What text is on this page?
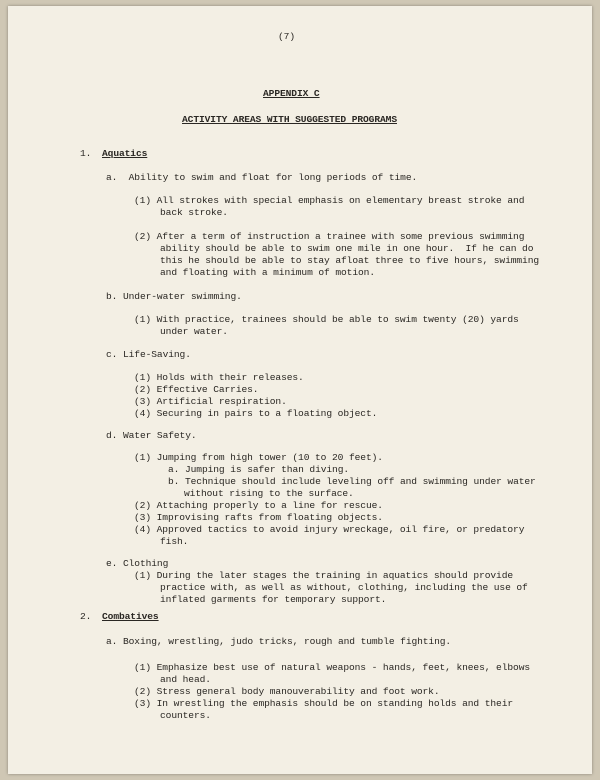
(7)
APPENDIX C
ACTIVITY AREAS WITH SUGGESTED PROGRAMS
1. Aquatics
a.  Ability to swim and float for long periods of time.
(1) All strokes with special emphasis on elementary breast stroke and
back stroke.
(2) After a term of instruction a trainee with some previous swimming
ability should be able to swim one mile in one hour.  If he can do
this he should be able to stay afloat three to five hours, swimming
and floating with a minimum of motion.
b. Under-water swimming.
(1) With practice, trainees should be able to swim twenty (20) yards
under water.
c. Life-Saving.
(1) Holds with their releases.
(2) Effective Carries.
(3) Artificial respiration.
(4) Securing in pairs to a floating object.
d. Water Safety.
(1) Jumping from high tower (10 to 20 feet).
a. Jumping is safer than diving.
b. Technique should include leveling off and swimming under water
without rising to the surface.
(2) Attaching properly to a line for rescue.
(3) Improvising rafts from floating objects.
(4) Approved tactics to avoid injury wreckage, oil fire, or predatory
fish.
e. Clothing
(1) During the later stages the training in aquatics should provide
practice with, as well as without, clothing, including the use of
inflated garments for temporary support.
2. Combatives
a. Boxing, wrestling, judo tricks, rough and tumble fighting.
(1) Emphasize best use of natural weapons - hands, feet, knees, elbows
and head.
(2) Stress general body manouverability and foot work.
(3) In wrestling the emphasis should be on standing holds and their
counters.
